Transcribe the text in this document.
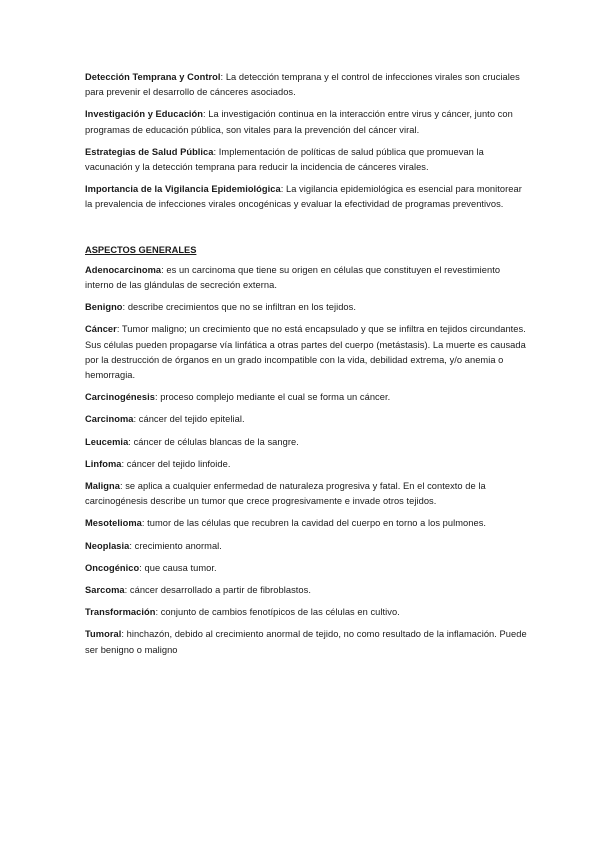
Detección Temprana y Control: La detección temprana y el control de infecciones virales son cruciales para prevenir el desarrollo de cánceres asociados.

Investigación y Educación: La investigación continua en la interacción entre virus y cáncer, junto con programas de educación pública, son vitales para la prevención del cáncer viral.

Estrategias de Salud Pública: Implementación de políticas de salud pública que promuevan la vacunación y la detección temprana para reducir la incidencia de cánceres virales.

Importancia de la Vigilancia Epidemiológica: La vigilancia epidemiológica es esencial para monitorear la prevalencia de infecciones virales oncogénicas y evaluar la efectividad de programas preventivos.

ASPECTOS GENERALES

Adenocarcinoma: es un carcinoma que tiene su origen en células que constituyen el revestimiento interno de las glándulas de secreción externa.

Benigno: describe crecimientos que no se infiltran en los tejidos.

Cáncer: Tumor maligno; un crecimiento que no está encapsulado y que se infiltra en tejidos circundantes. Sus células pueden propagarse vía linfática a otras partes del cuerpo (metástasis). La muerte es causada por la destrucción de órganos en un grado incompatible con la vida, debilidad extrema, y/o anemia o hemorragia.

Carcinogénesis: proceso complejo mediante el cual se forma un cáncer.

Carcinoma: cáncer del tejido epitelial.

Leucemia: cáncer de células blancas de la sangre.

Linfoma: cáncer del tejido linfoide.

Maligna: se aplica a cualquier enfermedad de naturaleza progresiva y fatal. En el contexto de la carcinogénesis describe un tumor que crece progresivamente e invade otros tejidos.

Mesotelioma: tumor de las células que recubren la cavidad del cuerpo en torno a los pulmones.

Neoplasia: crecimiento anormal.

Oncogénico: que causa tumor.

Sarcoma: cáncer desarrollado a partir de fibroblastos.

Transformación: conjunto de cambios fenotípicos de las células en cultivo.

Tumoral: hinchazón, debido al crecimiento anormal de tejido, no como resultado de la inflamación. Puede ser benigno o maligno
